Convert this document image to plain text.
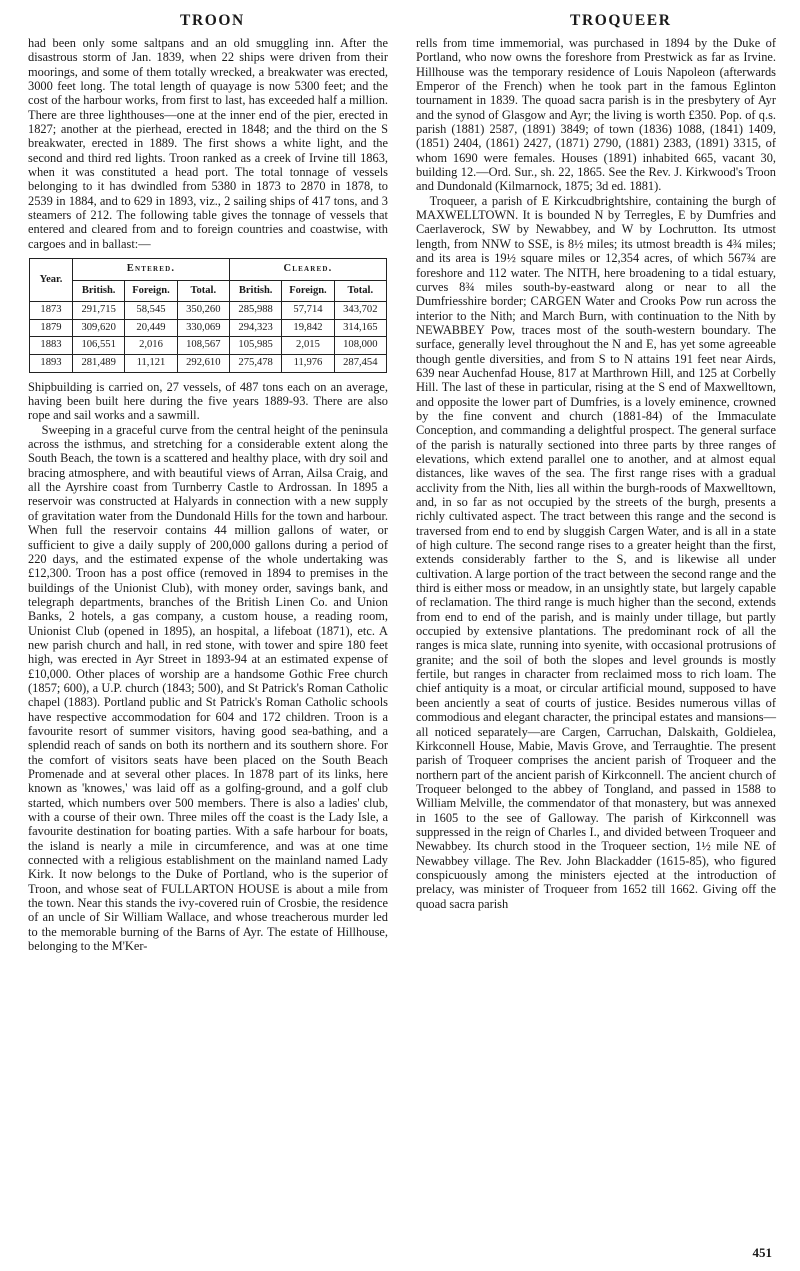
TROON	TROQUEER

had been only some saltpans and an old smuggling inn. After the disastrous storm of Jan. 1839, when 22 ships were driven from their moorings, and some of them totally wrecked, a breakwater was erected, 3000 feet long. The total length of quayage is now 5300 feet; and the cost of the harbour works, from first to last, has exceeded half a million. There are three lighthouses—one at the inner end of the pier, erected in 1827; another at the pierhead, erected in 1848; and the third on the S breakwater, erected in 1889. The first shows a white light, and the second and third red lights. Troon ranked as a creek of Irvine till 1863, when it was constituted a head port. The total tonnage of vessels belonging to it has dwindled from 5380 in 1873 to 2870 in 1878, to 2539 in 1884, and to 629 in 1893, viz., 2 sailing ships of 417 tons, and 3 steamers of 212. The following table gives the tonnage of vessels that entered and cleared from and to foreign countries and coastwise, with cargoes and in ballast:—

Year.	Entered.			Cleared.		
	British.	Foreign.	Total.	British.	Foreign.	Total.
1873	291,715	58,545	350,260	285,988	57,714	343,702
1879	309,620	20,449	330,069	294,323	19,842	314,165
1883	106,551	2,016	108,567	105,985	2,015	108,000
1893	281,489	11,121	292,610	275,478	11,976	287,454

Shipbuilding is carried on, 27 vessels, of 487 tons each on an average, having been built here during the five years 1889-93. There are also rope and sail works and a sawmill.

Sweeping in a graceful curve from the central height of the peninsula across the isthmus, and stretching for a considerable extent along the South Beach, the town is a scattered and healthy place, with dry soil and bracing atmosphere, and with beautiful views of Arran, Ailsa Craig, and all the Ayrshire coast from Turnberry Castle to Ardrossan. In 1895 a reservoir was constructed at Halyards in connection with a new supply of gravitation water from the Dundonald Hills for the town and harbour. When full the reservoir contains 44 million gallons of water, or sufficient to give a daily supply of 200,000 gallons during a period of 220 days, and the estimated expense of the whole undertaking was £12,300. Troon has a post office (removed in 1894 to premises in the buildings of the Unionist Club), with money order, savings bank, and telegraph departments, branches of the British Linen Co. and Union Banks, 2 hotels, a gas company, a custom house, a reading room, Unionist Club (opened in 1895), an hospital, a lifeboat (1871), etc. A new parish church and hall, in red stone, with tower and spire 180 feet high, was erected in Ayr Street in 1893-94 at an estimated expense of £10,000. Other places of worship are a handsome Gothic Free church (1857; 600), a U.P. church (1843; 500), and St Patrick's Roman Catholic chapel (1883). Portland public and St Patrick's Roman Catholic schools have respective accommodation for 604 and 172 children. Troon is a favourite resort of summer visitors, having good sea-bathing, and a splendid reach of sands on both its northern and its southern shore. For the comfort of visitors seats have been placed on the South Beach Promenade and at several other places. In 1878 part of its links, here known as 'knowes,' was laid off as a golfing-ground, and a golf club started, which numbers over 500 members. There is also a ladies' club, with a course of their own. Three miles off the coast is the Lady Isle, a favourite destination for boating parties. With a safe harbour for boats, the island is nearly a mile in circumference, and was at one time connected with a religious establishment on the mainland named Lady Kirk. It now belongs to the Duke of Portland, who is the superior of Troon, and whose seat of FULLARTON HOUSE is about a mile from the town. Near this stands the ivy-covered ruin of Crosbie, the residence of an uncle of Sir William Wallace, and whose treacherous murder led to the memorable burning of the Barns of Ayr. The estate of Hillhouse, belonging to the M'Ker-

rells from time immemorial, was purchased in 1894 by the Duke of Portland, who now owns the foreshore from Prestwick as far as Irvine. Hillhouse was the temporary residence of Louis Napoleon (afterwards Emperor of the French) when he took part in the famous Eglinton tournament in 1839. The quoad sacra parish is in the presbytery of Ayr and the synod of Glasgow and Ayr; the living is worth £350. Pop. of q.s. parish (1881) 2587, (1891) 3849; of town (1836) 1088, (1841) 1409, (1851) 2404, (1861) 2427, (1871) 2790, (1881) 2383, (1891) 3315, of whom 1690 were females. Houses (1891) inhabited 665, vacant 30, building 12.—Ord. Sur., sh. 22, 1865. See the Rev. J. Kirkwood's Troon and Dundonald (Kilmarnock, 1875; 3d ed. 1881).

Troqueer, a parish of E Kirkcudbrightshire, containing the burgh of MAXWELLTOWN. It is bounded N by Terregles, E by Dumfries and Caerlaverock, SW by Newabbey, and W by Lochrutton. Its utmost length, from NNW to SSE, is 8½ miles; its utmost breadth is 4¾ miles; and its area is 19½ square miles or 12,354 acres, of which 567¾ are foreshore and 112 water. The NITH, here broadening to a tidal estuary, curves 8¾ miles south-by-eastward along or near to all the Dumfriesshire border; CARGEN Water and Crooks Pow run across the interior to the Nith; and March Burn, with continuation to the Nith by NEWABBEY Pow, traces most of the south-western boundary. The surface, generally level throughout the N and E, has yet some agreeable though gentle diversities, and from S to N attains 191 feet near Airds, 639 near Auchenfad House, 817 at Marthrown Hill, and 125 at Corbelly Hill. The last of these in particular, rising at the S end of Maxwelltown, and opposite the lower part of Dumfries, is a lovely eminence, crowned by the fine convent and church (1881-84) of the Immaculate Conception, and commanding a delightful prospect. The general surface of the parish is naturally sectioned into three parts by three ranges of elevations, which extend parallel one to another, and at almost equal distances, like waves of the sea. The first range rises with a gradual acclivity from the Nith, lies all within the burgh-roods of Maxwelltown, and, in so far as not occupied by the streets of the burgh, presents a richly cultivated aspect. The tract between this range and the second is traversed from end to end by sluggish Cargen Water, and is all in a state of high culture. The second range rises to a greater height than the first, extends considerably farther to the S, and is likewise all under cultivation. A large portion of the tract between the second range and the third is either moss or meadow, in an unsightly state, but largely capable of reclamation. The third range is much higher than the second, extends from end to end of the parish, and is mainly under tillage, but partly occupied by extensive plantations. The predominant rock of all the ranges is mica slate, running into syenite, with occasional protrusions of granite; and the soil of both the slopes and level grounds is mostly fertile, but ranges in character from reclaimed moss to rich loam. The chief antiquity is a moat, or circular artificial mound, supposed to have been anciently a seat of courts of justice. Besides numerous villas of commodious and elegant character, the principal estates and mansions—all noticed separately—are Cargen, Carruchan, Dalskaith, Goldielea, Kirkconnell House, Mabie, Mavis Grove, and Terraughtie. The present parish of Troqueer comprises the ancient parish of Troqueer and the northern part of the ancient parish of Kirkconnell. The ancient church of Troqueer belonged to the abbey of Tongland, and passed in 1588 to William Melville, the commendator of that monastery, but was annexed in 1605 to the see of Galloway. The parish of Kirkconnell was suppressed in the reign of Charles I., and divided between Troqueer and Newabbey. Its church stood in the Troqueer section, 1½ mile NE of Newabbey village. The Rev. John Blackadder (1615-85), who figured conspicuously among the ministers ejected at the introduction of prelacy, was minister of Troqueer from 1652 till 1662. Giving off the quoad sacra parish

451
